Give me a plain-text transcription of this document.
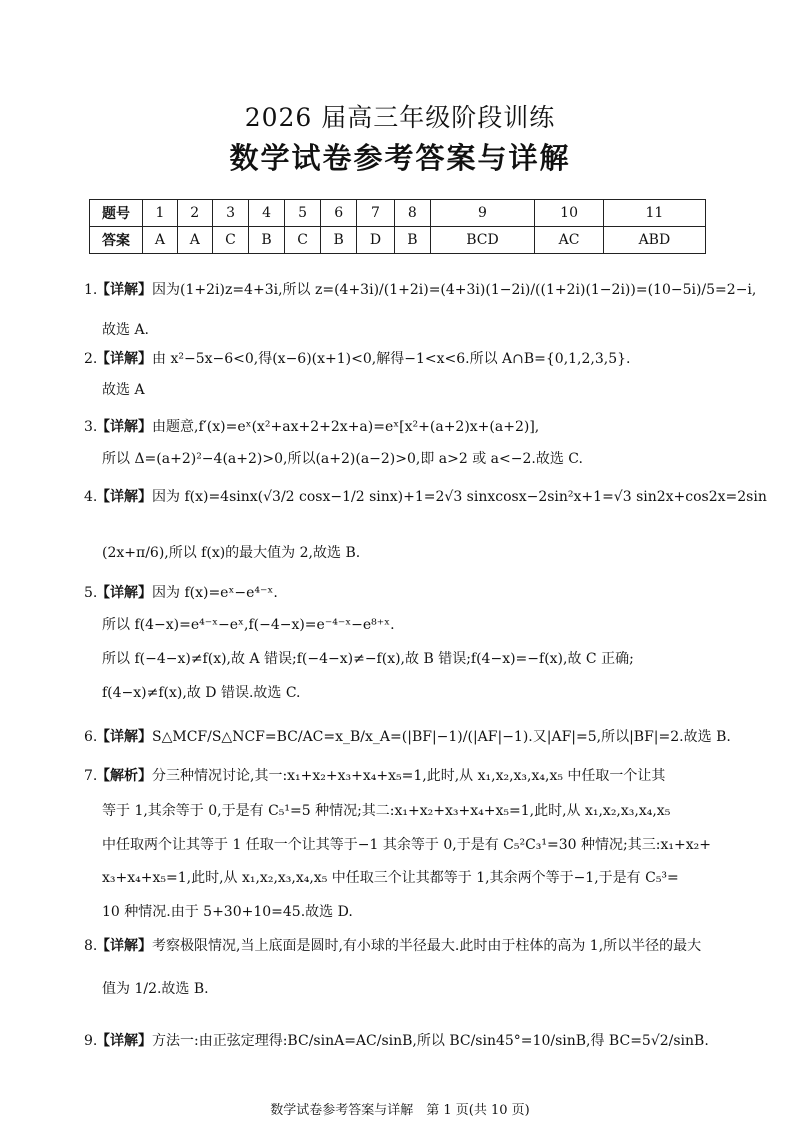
2026 届高三年级阶段训练
数学试卷参考答案与详解
题号	1	2	3	4	5	6	7	8	9	10	11
答案	A	A	C	B	C	B	D	B	BCD	AC	ABD
1.
【详解】因为(1+2i)z=4+3i,所以 z=(4+3i)/(1+2i)=(4+3i)(1−2i)/((1+2i)(1−2i))=(10−5i)/5=2−i,
故选 A.
2.
【详解】由 x²−5x−6<0,得(x−6)(x+1)<0,解得−1<x<6.所以 A∩B={0,1,2,3,5}.
故选 A
3.
【详解】由题意,f′(x)=eˣ(x²+ax+2+2x+a)=eˣ[x²+(a+2)x+(a+2)],
所以 Δ=(a+2)²−4(a+2)>0,所以(a+2)(a−2)>0,即 a>2 或 a<−2.故选 C.
4.
【详解】因为 f(x)=4sinx(√3/2 cosx−1/2 sinx)+1=2√3 sinxcosx−2sin²x+1=√3 sin2x+cos2x=2sin
(2x+π/6),所以 f(x)的最大值为 2,故选 B.
5.
【详解】因为 f(x)=eˣ−e⁴⁻ˣ.
所以 f(4−x)=e⁴⁻ˣ−eˣ,f(−4−x)=e⁻⁴⁻ˣ−e⁸⁺ˣ.
所以 f(−4−x)≠f(x),故 A 错误;f(−4−x)≠−f(x),故 B 错误;f(4−x)=−f(x),故 C 正确;
f(4−x)≠f(x),故 D 错误.故选 C.
6.
【详解】S△MCF/S△NCF=BC/AC=x_B/x_A=(|BF|−1)/(|AF|−1).又|AF|=5,所以|BF|=2.故选 B.
7.
【解析】分三种情况讨论,其一:x₁+x₂+x₃+x₄+x₅=1,此时,从 x₁,x₂,x₃,x₄,x₅ 中任取一个让其
等于 1,其余等于 0,于是有 C₅¹=5 种情况;其二:x₁+x₂+x₃+x₄+x₅=1,此时,从 x₁,x₂,x₃,x₄,x₅
中任取两个让其等于 1 任取一个让其等于−1 其余等于 0,于是有 C₅²C₃¹=30 种情况;其三:x₁+x₂+
x₃+x₄+x₅=1,此时,从 x₁,x₂,x₃,x₄,x₅ 中任取三个让其都等于 1,其余两个等于−1,于是有 C₅³=
10 种情况.由于 5+30+10=45.故选 D.
8.
【详解】考察极限情况,当上底面是圆时,有小球的半径最大.此时由于柱体的高为 1,所以半径的最大
值为 1/2.故选 B.
9.
【详解】方法一:由正弦定理得:BC/sinA=AC/sinB,所以 BC/sin45°=10/sinB,得 BC=5√2/sinB.
数学试卷参考答案与详解　第 1 页(共 10 页)
